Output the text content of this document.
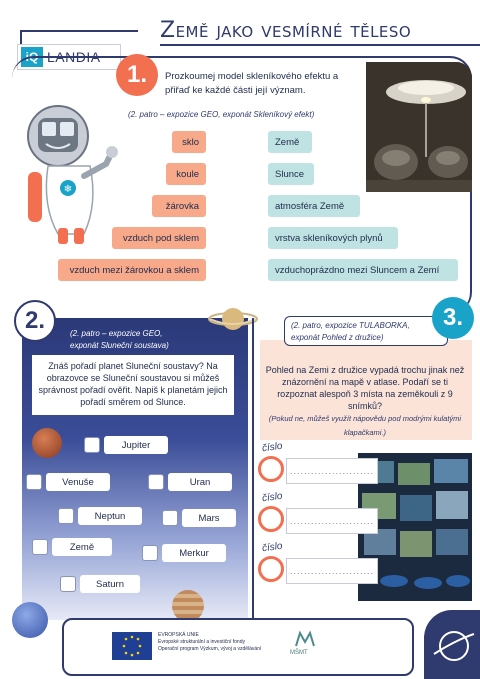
Země jako vesmírné těleso
iQ LANDIA
1.	Prozkoumej model skleníkového efektu a přiřaď ke každé části její význam.
(2. patro – expozice GEO, exponát Skleníkový efekt)
❄
sklo
koule
žárovka
vzduch pod sklem
vzduch mezi žárovkou a sklem
Země
Slunce
atmosféra Země
vrstva skleníkových plynů
vzduchoprázdno mezi Sluncem a Zemí
2.	(2. patro – expozice GEO,
exponát Sluneční soustava)
Znáš pořadí planet Sluneční soustavy? Na obrazovce se Sluneční soustavou si můžeš správnost pořadí ověřit. Napiš k planetám jejich pořadí směrem od Slunce.
Jupiter
Venuše	Uran
Neptun	Mars
Země
Merkur
Saturn
(2. patro, expozice TULABORKA,
exponát Pohled z družice)
3.
Pohled na Zemi z družice vypadá trochu jinak než znázornění na mapě v atlase. Podaří se ti rozpoznat alespoň 3 místa na zeměkouli z 9 snímků?
(Pokud ne, můžeš využít nápovědu pod modrými kulatými klapačkami.)
číslo
........................
číslo
........................
číslo
........................
EVROPSKÁ UNIE
Evropské strukturální a investiční fondy
Operační program Výzkum, vývoj a vzdělávání
MŠMT
